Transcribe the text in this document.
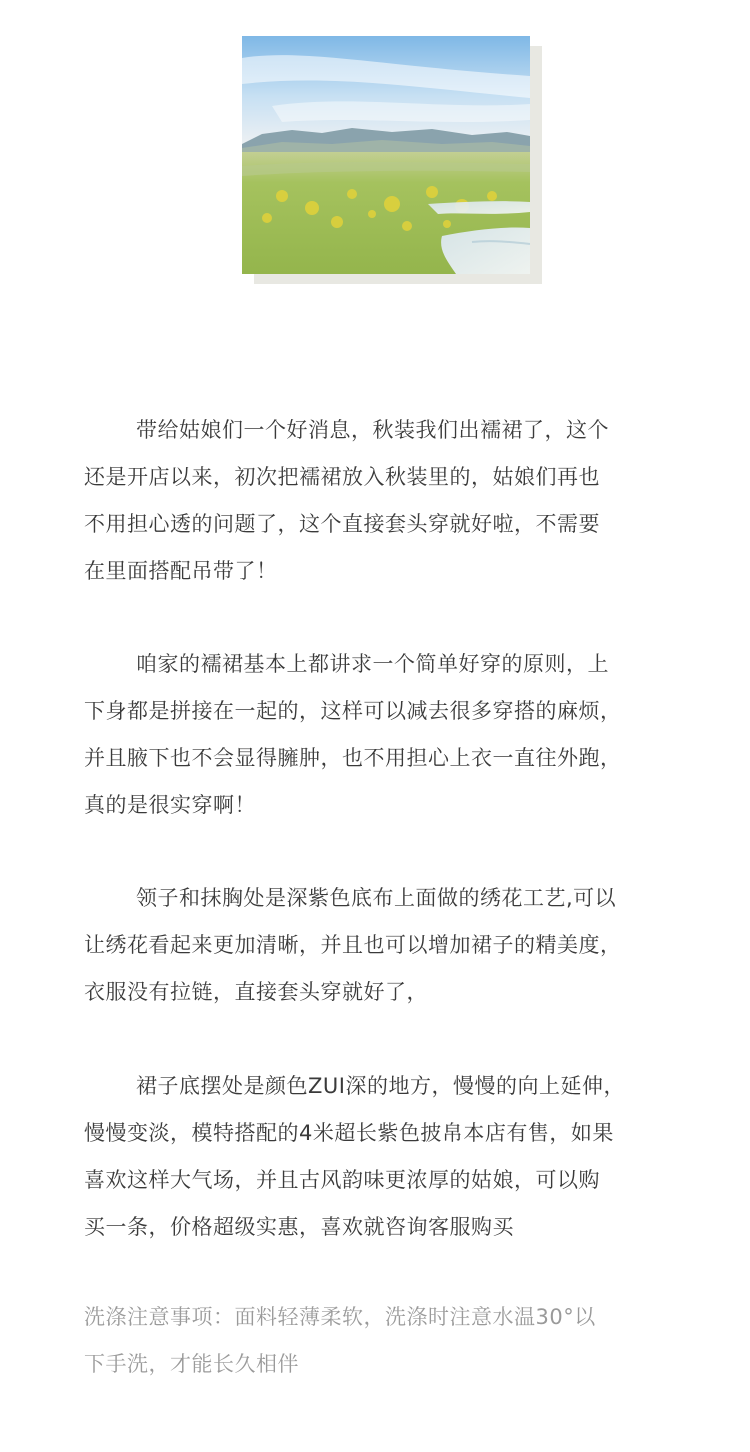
带给姑娘们一个好消息，秋装我们出襦裙了，这个
还是开店以来，初次把襦裙放入秋装里的，姑娘们再也
不用担心透的问题了，这个直接套头穿就好啦，不需要
在里面搭配吊带了！
咱家的襦裙基本上都讲求一个简单好穿的原则，上
下身都是拼接在一起的，这样可以减去很多穿搭的麻烦，
并且腋下也不会显得臃肿，也不用担心上衣一直往外跑，
真的是很实穿啊！
领子和抹胸处是深紫色底布上面做的绣花工艺,可以
让绣花看起来更加清晰，并且也可以增加裙子的精美度，
衣服没有拉链，直接套头穿就好了，
裙子底摆处是颜色ZUI深的地方，慢慢的向上延伸，
慢慢变淡，模特搭配的4米超长紫色披帛本店有售，如果
喜欢这样大气场，并且古风韵味更浓厚的姑娘，可以购
买一条，价格超级实惠，喜欢就咨询客服购买
洗涤注意事项：面料轻薄柔软，洗涤时注意水温30°以
下手洗，才能长久相伴
